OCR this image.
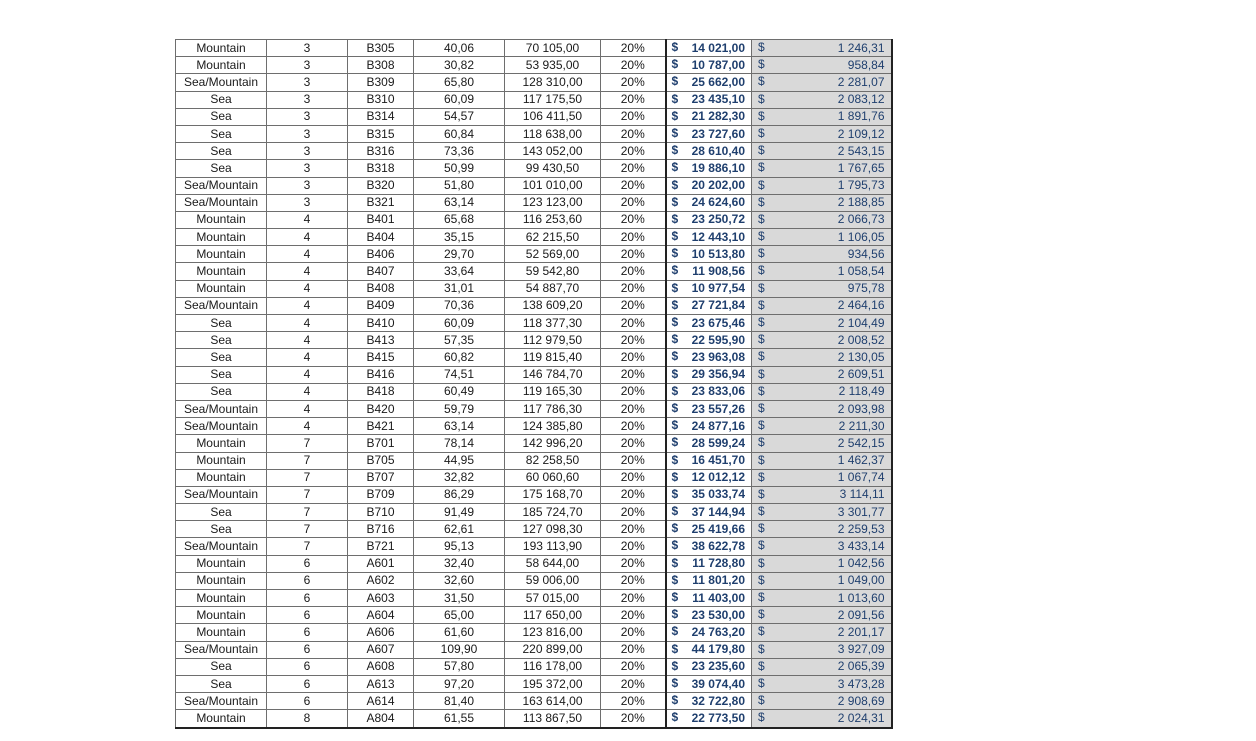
Mountain	3	B305	40,06	70 105,00	20%	$ 14 021,00	$ 1 246,31
Mountain	3	B308	30,82	53 935,00	20%	$ 10 787,00	$ 958,84
Sea/Mountain	3	B309	65,80	128 310,00	20%	$ 25 662,00	$ 2 281,07
Sea	3	B310	60,09	117 175,50	20%	$ 23 435,10	$ 2 083,12
Sea	3	B314	54,57	106 411,50	20%	$ 21 282,30	$ 1 891,76
Sea	3	B315	60,84	118 638,00	20%	$ 23 727,60	$ 2 109,12
Sea	3	B316	73,36	143 052,00	20%	$ 28 610,40	$ 2 543,15
Sea	3	B318	50,99	99 430,50	20%	$ 19 886,10	$ 1 767,65
Sea/Mountain	3	B320	51,80	101 010,00	20%	$ 20 202,00	$ 1 795,73
Sea/Mountain	3	B321	63,14	123 123,00	20%	$ 24 624,60	$ 2 188,85
Mountain	4	B401	65,68	116 253,60	20%	$ 23 250,72	$ 2 066,73
Mountain	4	B404	35,15	62 215,50	20%	$ 12 443,10	$ 1 106,05
Mountain	4	B406	29,70	52 569,00	20%	$ 10 513,80	$ 934,56
Mountain	4	B407	33,64	59 542,80	20%	$ 11 908,56	$ 1 058,54
Mountain	4	B408	31,01	54 887,70	20%	$ 10 977,54	$ 975,78
Sea/Mountain	4	B409	70,36	138 609,20	20%	$ 27 721,84	$ 2 464,16
Sea	4	B410	60,09	118 377,30	20%	$ 23 675,46	$ 2 104,49
Sea	4	B413	57,35	112 979,50	20%	$ 22 595,90	$ 2 008,52
Sea	4	B415	60,82	119 815,40	20%	$ 23 963,08	$ 2 130,05
Sea	4	B416	74,51	146 784,70	20%	$ 29 356,94	$ 2 609,51
Sea	4	B418	60,49	119 165,30	20%	$ 23 833,06	$ 2 118,49
Sea/Mountain	4	B420	59,79	117 786,30	20%	$ 23 557,26	$ 2 093,98
Sea/Mountain	4	B421	63,14	124 385,80	20%	$ 24 877,16	$ 2 211,30
Mountain	7	B701	78,14	142 996,20	20%	$ 28 599,24	$ 2 542,15
Mountain	7	B705	44,95	82 258,50	20%	$ 16 451,70	$ 1 462,37
Mountain	7	B707	32,82	60 060,60	20%	$ 12 012,12	$ 1 067,74
Sea/Mountain	7	B709	86,29	175 168,70	20%	$ 35 033,74	$ 3 114,11
Sea	7	B710	91,49	185 724,70	20%	$ 37 144,94	$ 3 301,77
Sea	7	B716	62,61	127 098,30	20%	$ 25 419,66	$ 2 259,53
Sea/Mountain	7	B721	95,13	193 113,90	20%	$ 38 622,78	$ 3 433,14
Mountain	6	A601	32,40	58 644,00	20%	$ 11 728,80	$ 1 042,56
Mountain	6	A602	32,60	59 006,00	20%	$ 11 801,20	$ 1 049,00
Mountain	6	A603	31,50	57 015,00	20%	$ 11 403,00	$ 1 013,60
Mountain	6	A604	65,00	117 650,00	20%	$ 23 530,00	$ 2 091,56
Mountain	6	A606	61,60	123 816,00	20%	$ 24 763,20	$ 2 201,17
Sea/Mountain	6	A607	109,90	220 899,00	20%	$ 44 179,80	$ 3 927,09
Sea	6	A608	57,80	116 178,00	20%	$ 23 235,60	$ 2 065,39
Sea	6	A613	97,20	195 372,00	20%	$ 39 074,40	$ 3 473,28
Sea/Mountain	6	A614	81,40	163 614,00	20%	$ 32 722,80	$ 2 908,69
Mountain	8	A804	61,55	113 867,50	20%	$ 22 773,50	$ 2 024,31
